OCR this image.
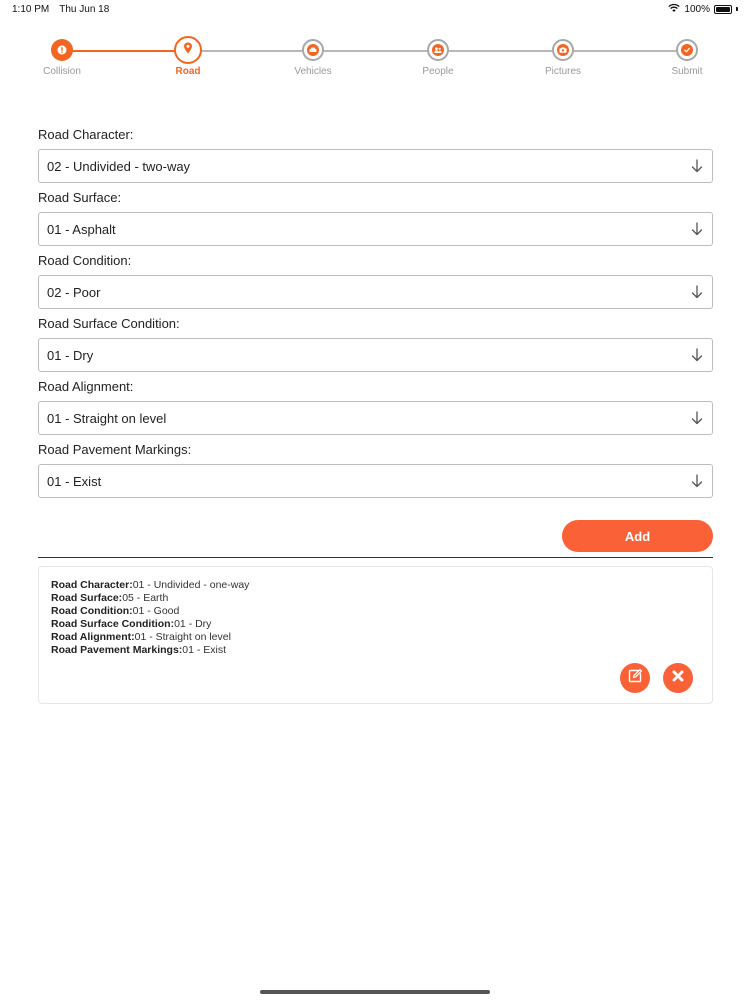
1:10 PM Thu Jun 18	100%
Collision	Road	Vehicles	People	Pictures	Submit
Road Character:
02 - Undivided - two-way
Road Surface:
01 - Asphalt
Road Condition:
02 - Poor
Road Surface Condition:
01 - Dry
Road Alignment:
01 - Straight on level
Road Pavement Markings:
01 - Exist
Add
Road Character:01 - Undivided - one-way
Road Surface:05 - Earth
Road Condition:01 - Good
Road Surface Condition:01 - Dry
Road Alignment:01 - Straight on level
Road Pavement Markings:01 - Exist
